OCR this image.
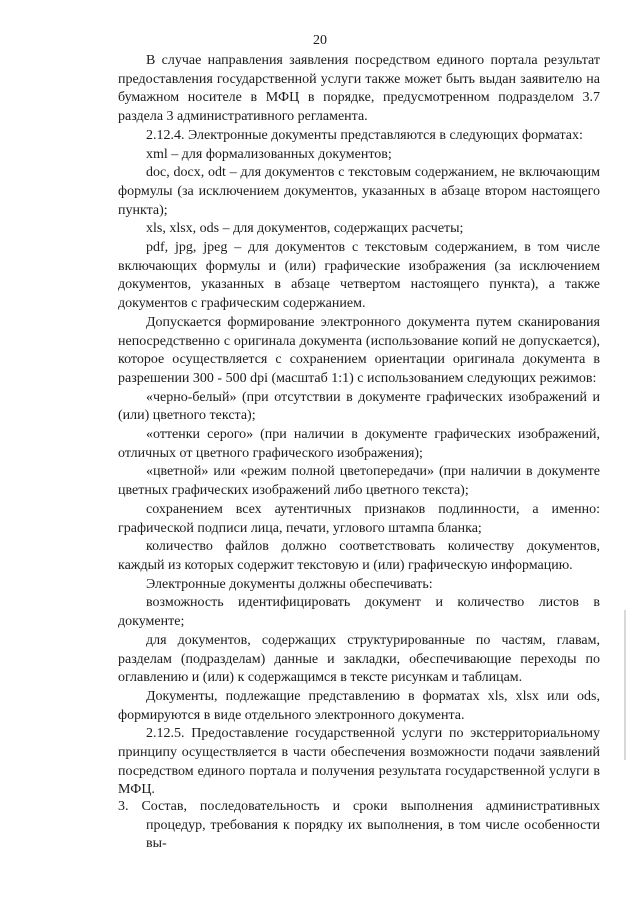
20

В случае направления заявления посредством единого портала результат предоставления государственной услуги также может быть выдан заявителю на бумажном носителе в МФЦ в порядке, предусмотренном подразделом 3.7 раздела 3 административного регламента.

2.12.4. Электронные документы представляются в следующих форматах:

xml – для формализованных документов;

doc, docx, odt – для документов с текстовым содержанием, не включающим формулы (за исключением документов, указанных в абзаце втором настоящего пункта);

xls, xlsx, ods – для документов, содержащих расчеты;

pdf, jpg, jpeg – для документов с текстовым содержанием, в том числе включающих формулы и (или) графические изображения (за исключением документов, указанных в абзаце четвертом настоящего пункта), а также документов с графическим содержанием.

Допускается формирование электронного документа путем сканирования непосредственно с оригинала документа (использование копий не допускается), которое осуществляется с сохранением ориентации оригинала документа в разрешении 300 - 500 dpi (масштаб 1:1) с использованием следующих режимов:

«черно-белый» (при отсутствии в документе графических изображений и (или) цветного текста);

«оттенки серого» (при наличии в документе графических изображений, отличных от цветного графического изображения);

«цветной» или «режим полной цветопередачи» (при наличии в документе цветных графических изображений либо цветного текста);

сохранением всех аутентичных признаков подлинности, а именно: графической подписи лица, печати, углового штампа бланка;

количество файлов должно соответствовать количеству документов, каждый из которых содержит текстовую и (или) графическую информацию.

Электронные документы должны обеспечивать:

возможность идентифицировать документ и количество листов в документе;

для документов, содержащих структурированные по частям, главам, разделам (подразделам) данные и закладки, обеспечивающие переходы по оглавлению и (или) к содержащимся в тексте рисункам и таблицам.

Документы, подлежащие представлению в форматах xls, xlsx или ods, формируются в виде отдельного электронного документа.

2.12.5. Предоставление государственной услуги по экстерриториальному принципу осуществляется в части обеспечения возможности подачи заявлений посредством единого портала и получения результата государственной услуги в МФЦ.

3. Состав, последовательность и сроки выполнения административных процедур, требования к порядку их выполнения, в том числе особенности вы-
